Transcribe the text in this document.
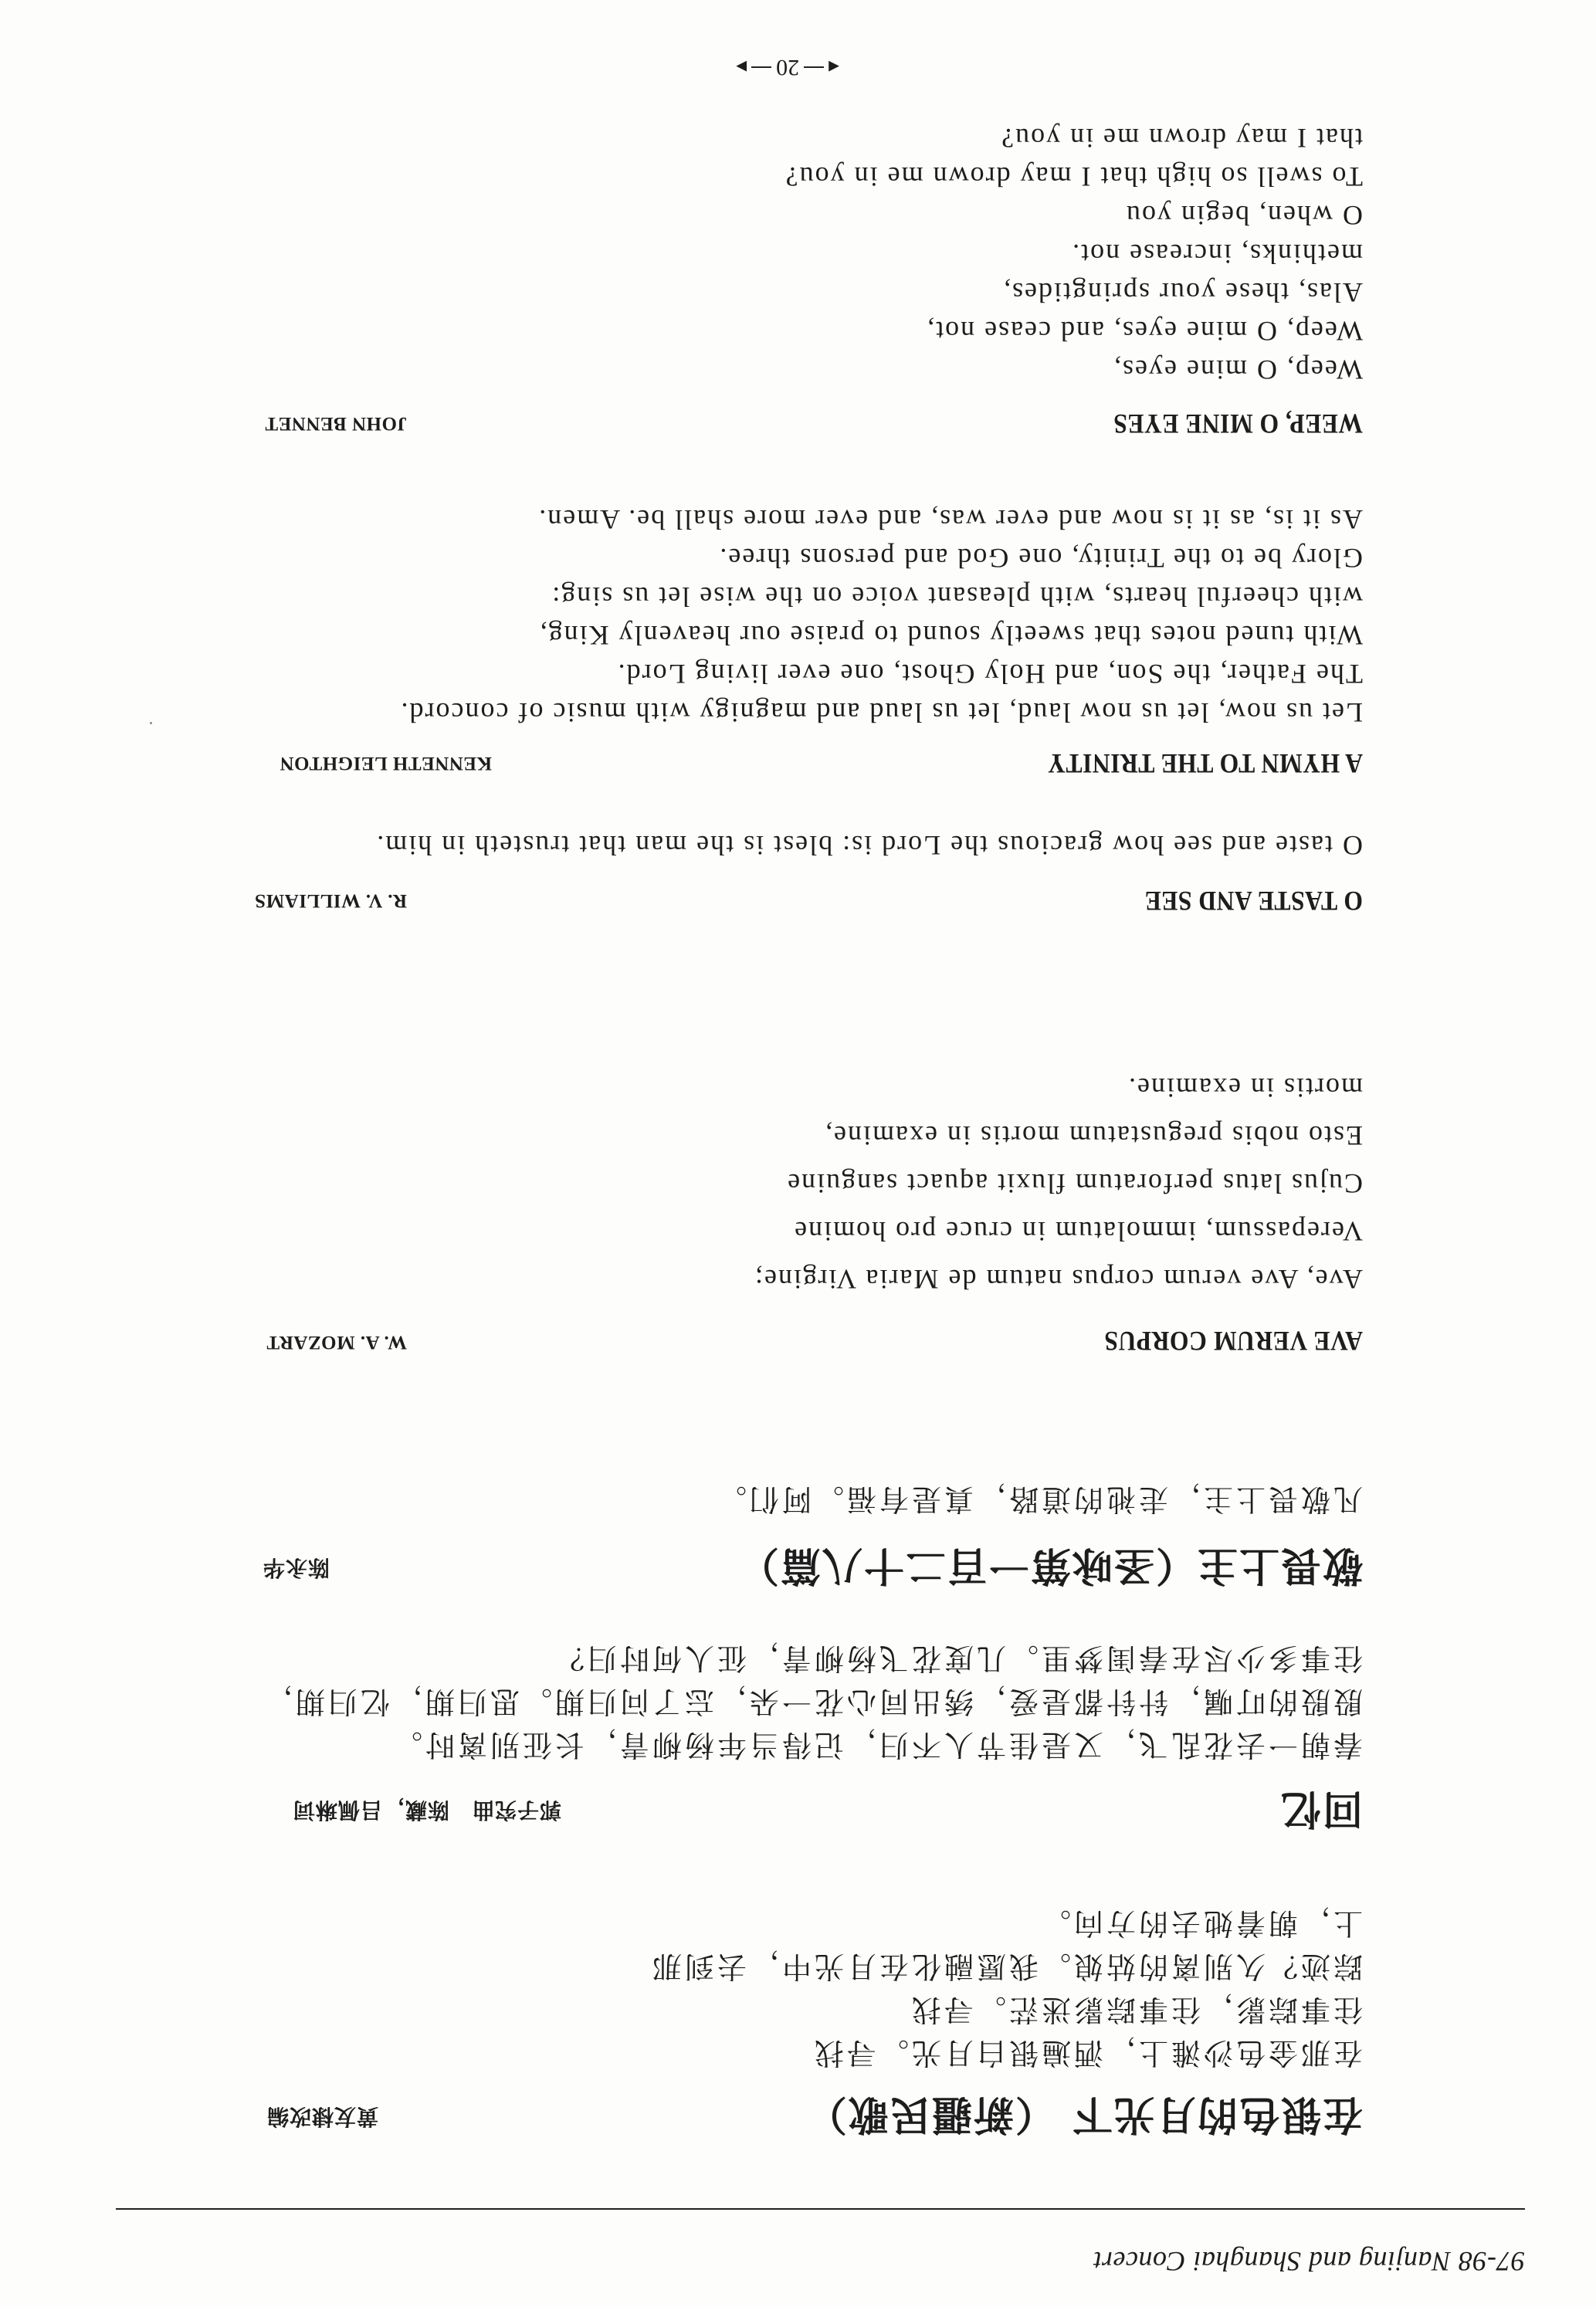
97-98 Nanjing and Shanghai Concert
在银色的月光下 （新疆民歌）
黄友棣改编
在那金色沙滩上，洒遍银白月光。寻找
往事踪影，往事踪影迷茫。寻找
踪迹？久别离的姑娘。我愿融化在月光中，去到那
上，朝着她去的方向。
回忆
郭子究曲　陈藏，吕佩琳词
春朝一去花乱飞，又是佳节人不归，记得当年杨柳青，长征别离时。
殷殷的叮嘱，针针都是爱，绣出同心花一朵，忘了问归期。思归期，忆归期，
往事多少尽在春闺梦里。几度花飞杨柳青，征人何时归？
敬畏上主（圣咏第一百二十八篇）
陈永华
凡敬畏上主，走祂的道路，真是有福。阿们。
AVE VERUM CORPUS
W. A. MOZART
Ave, Ave verum corpus natum de Maria Virgine;
Verepassum, immolatum in cruce pro homine
Cujus latus perforatum fluxit aquact sanguine
Esto nobis pregustatum mortis in examine,
mortis in examine.
O TASTE AND SEE
R. V. WILLIAMS
O taste and see how gracious the Lord is: blest is the man that trusteth in him.
A HYMN TO THE TRINITY
KENNETH LEIGHTON
Let us now, let us now laud, let us laud and magnigy with music of concord.
The Father, the Son, and Holy Ghost, one ever living Lord.
With tuned notes that sweetly sound to praise our heavenly King,
with cheerful hearts, with pleasant voice on the wise let us sing:
Glory be to the Trinity, one God and persons three.
As it is, as it is now and ever was, and ever more shall be. Amen.
WEEP, O MINE EYES
JOHN BENNET
Weep, O mine eyes,
Weep, O mine eyes, and cease not,
Alas, these your springtides,
methinks, increase not.
O when, begin you
To swell so high that I may drown me in you?
that I may drown me in you?
◀
20
▶
